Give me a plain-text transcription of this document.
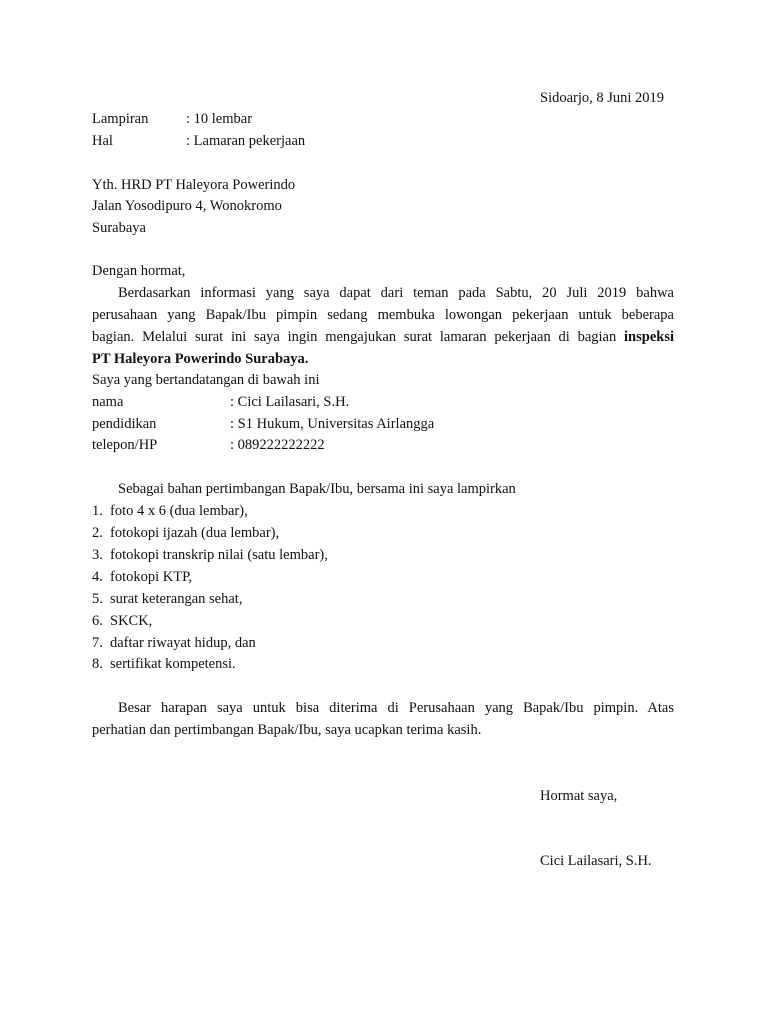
Sidoarjo, 8 Juni 2019
Lampiran	: 10 lembar
Hal	: Lamaran pekerjaan
Yth. HRD PT Haleyora Powerindo
Jalan Yosodipuro 4, Wonokromo
Surabaya
Dengan hormat,
Berdasarkan informasi yang saya dapat dari teman pada Sabtu, 20 Juli 2019 bahwa
perusahaan yang Bapak/Ibu pimpin sedang membuka lowongan pekerjaan untuk beberapa
bagian. Melalui surat ini saya ingin mengajukan surat lamaran pekerjaan di bagian inspeksi
PT Haleyora Powerindo Surabaya.
Saya yang bertandatangan di bawah ini
nama	: Cici Lailasari, S.H.
pendidikan	: S1 Hukum, Universitas Airlangga
telepon/HP	: 089222222222
Sebagai bahan pertimbangan Bapak/Ibu, bersama ini saya lampirkan
1. foto 4 x 6 (dua lembar),
2. fotokopi ijazah (dua lembar),
3. fotokopi transkrip nilai (satu lembar),
4. fotokopi KTP,
5. surat keterangan sehat,
6. SKCK,
7. daftar riwayat hidup, dan
8. sertifikat kompetensi.
Besar harapan saya untuk bisa diterima di Perusahaan yang Bapak/Ibu pimpin. Atas
perhatian dan pertimbangan Bapak/Ibu, saya ucapkan terima kasih.
Hormat saya,
Cici Lailasari, S.H.
